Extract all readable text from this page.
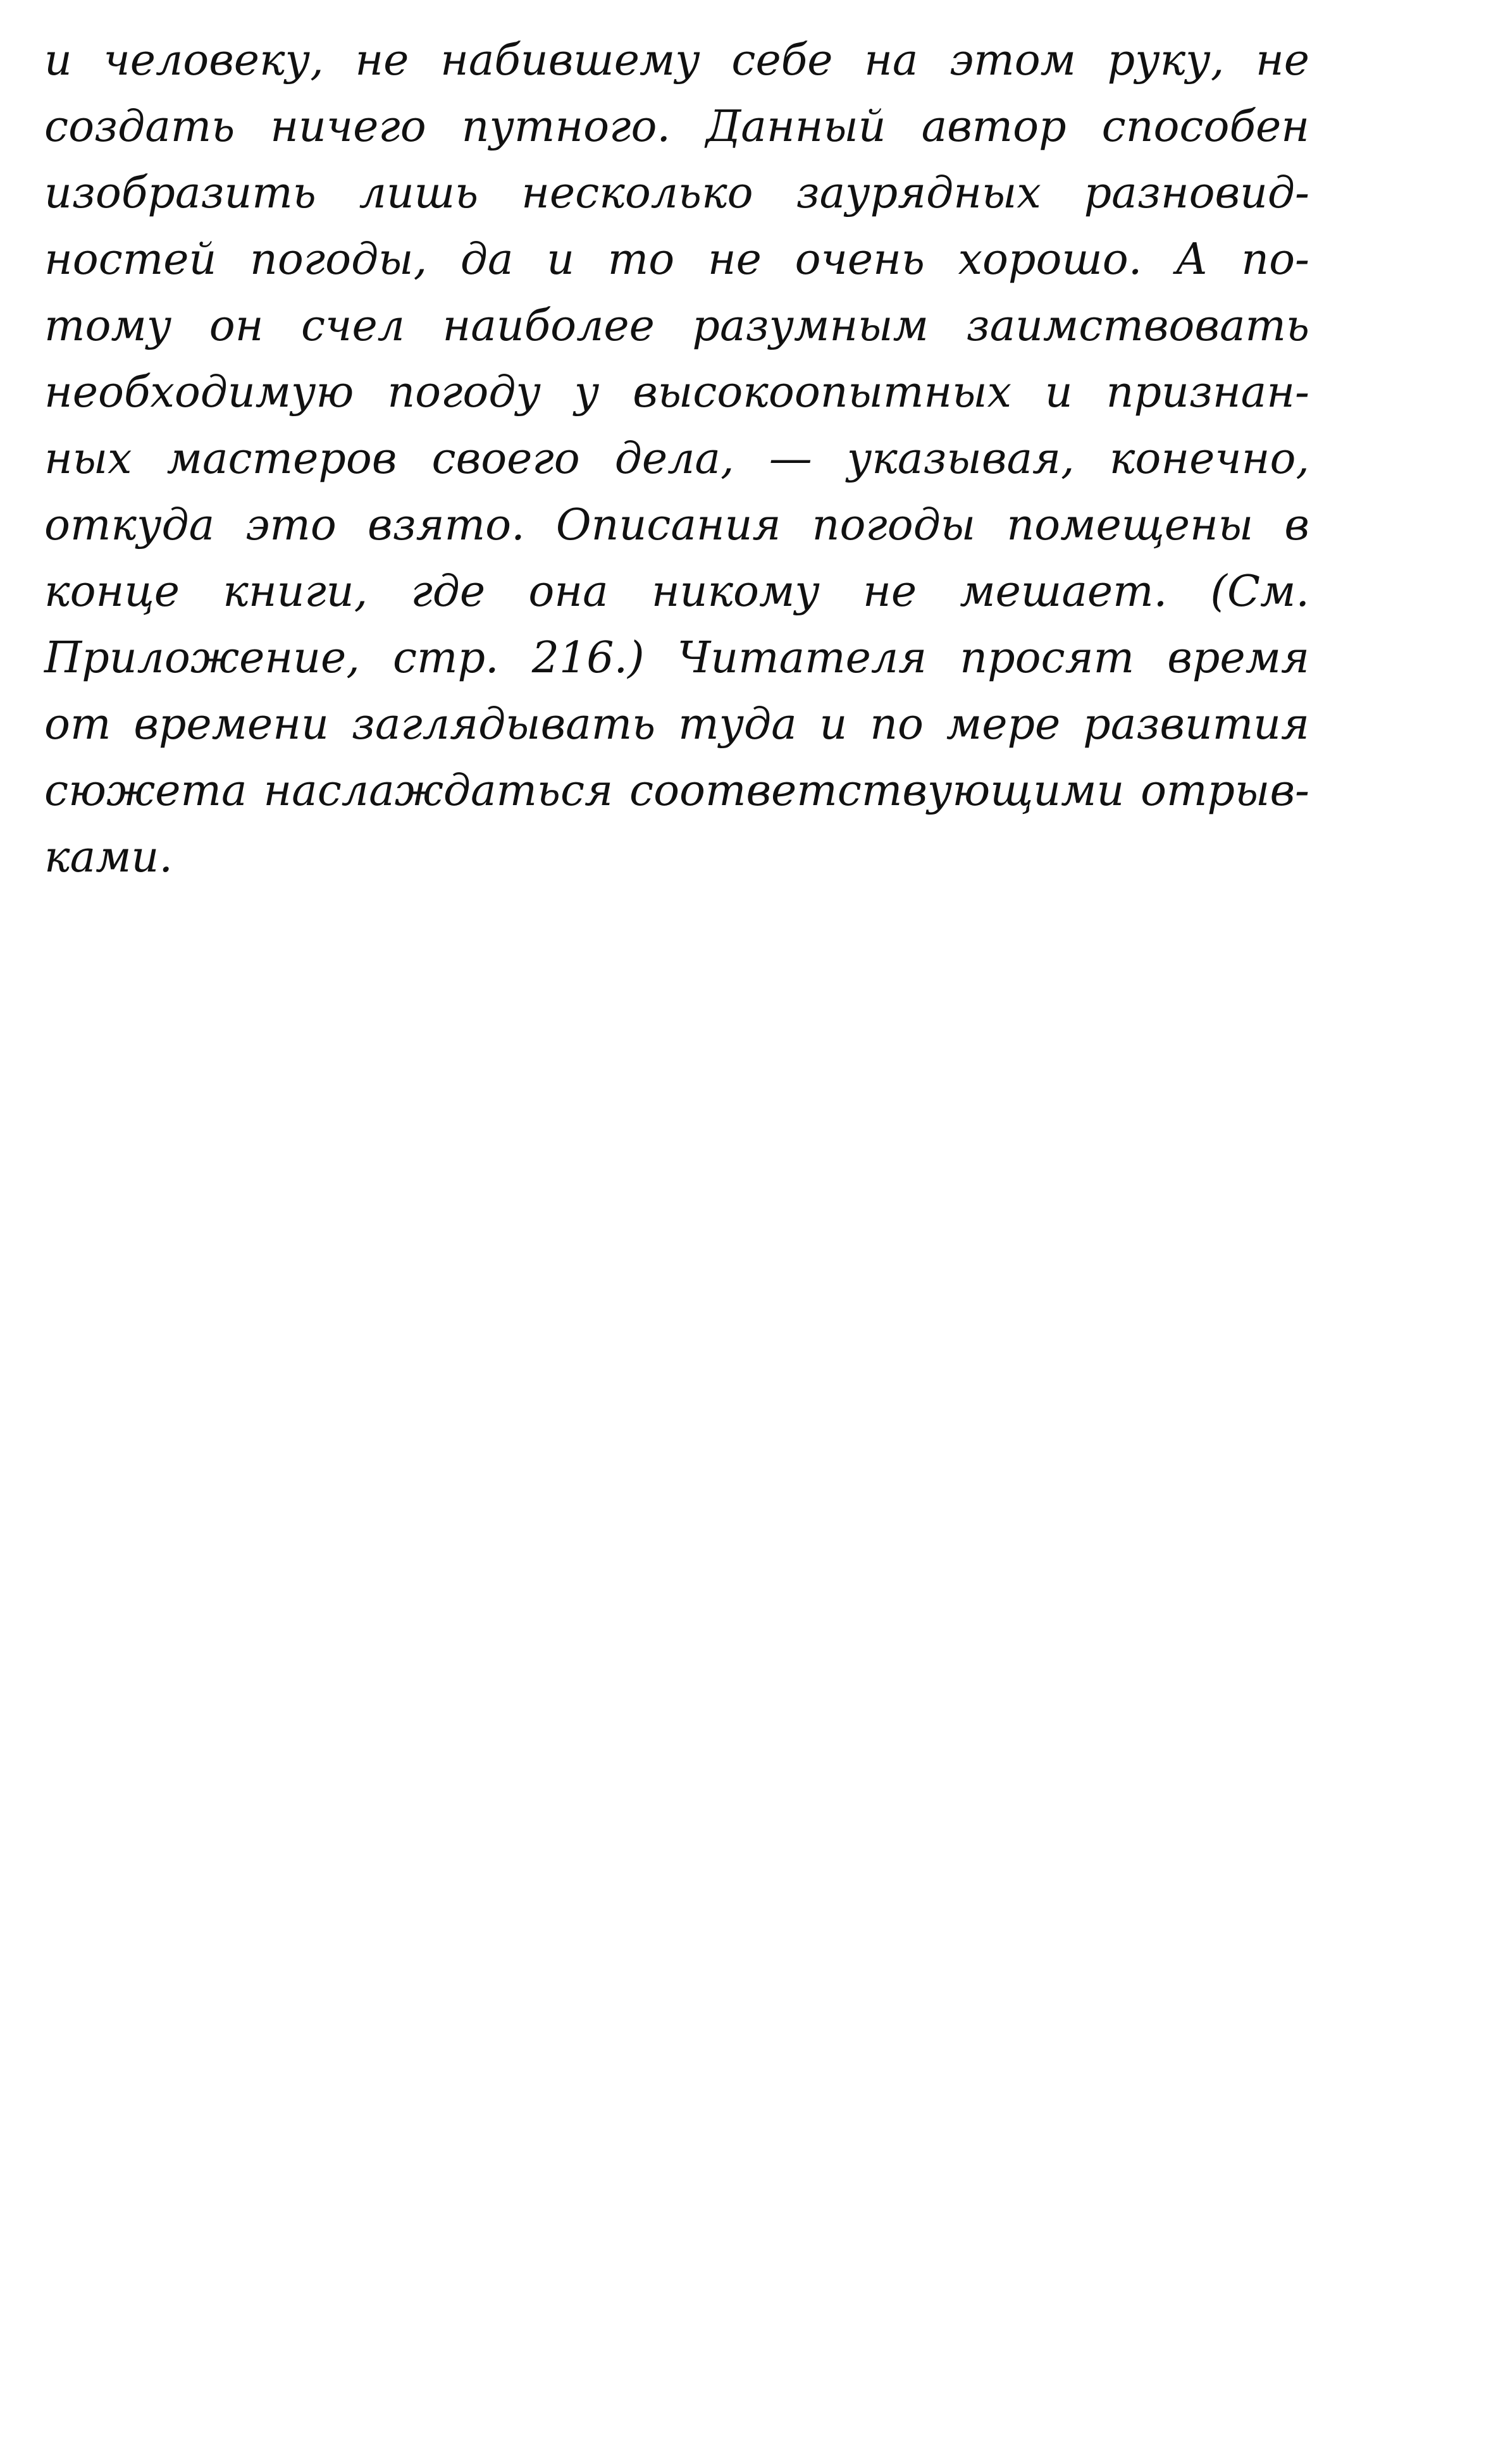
и человеку, не набившему себе на этом руку, не
создать ничего путного. Данный автор способен
изобразить лишь несколько заурядных разновид-
ностей погоды, да и то не очень хорошо. А по-
тому он счел наиболее разумным заимствовать
необходимую погоду у высокоопытных и признан-
ных мастеров своего дела, — указывая, конечно,
откуда это взято. Описания погоды помещены в
конце книги, где она никому не мешает. (См.
Приложение, стр. 216.) Читателя просят время
от времени заглядывать туда и по мере развития
сюжета наслаждаться соответствующими отрыв-
ками.
